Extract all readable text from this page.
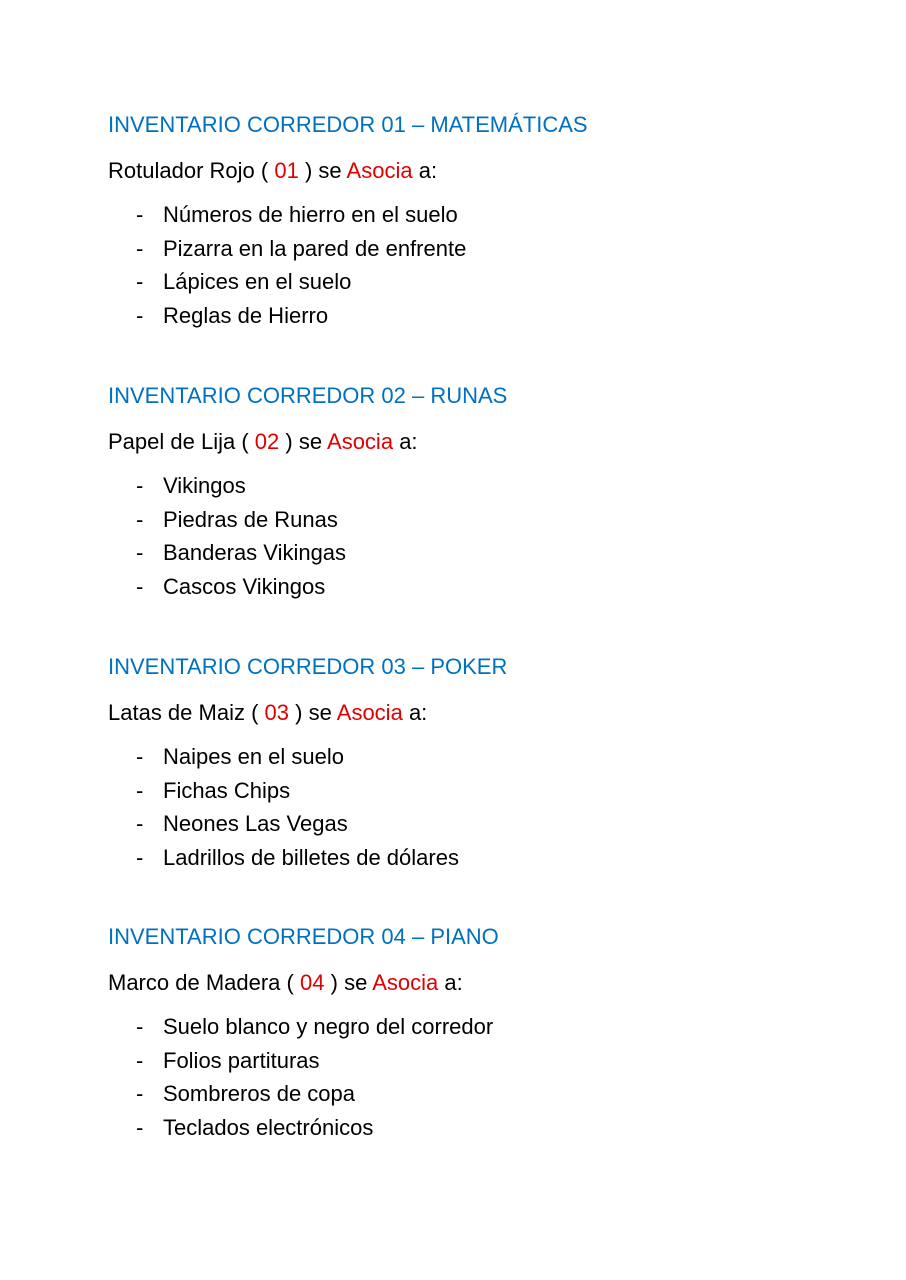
INVENTARIO CORREDOR 01 – MATEMÁTICAS
Rotulador Rojo ( 01 ) se Asocia a:
- Números de hierro en el suelo
- Pizarra en la pared de enfrente
- Lápices en el suelo
- Reglas de Hierro
INVENTARIO CORREDOR 02 – RUNAS
Papel de Lija ( 02 ) se Asocia a:
- Vikingos
- Piedras de Runas
- Banderas Vikingas
- Cascos Vikingos
INVENTARIO CORREDOR 03 – POKER
Latas de Maiz ( 03 ) se Asocia a:
- Naipes en el suelo
- Fichas Chips
- Neones Las Vegas
- Ladrillos de billetes de dólares
INVENTARIO CORREDOR 04 – PIANO
Marco de Madera ( 04 ) se Asocia a:
- Suelo blanco y negro del corredor
- Folios partituras
- Sombreros de copa
- Teclados electrónicos
